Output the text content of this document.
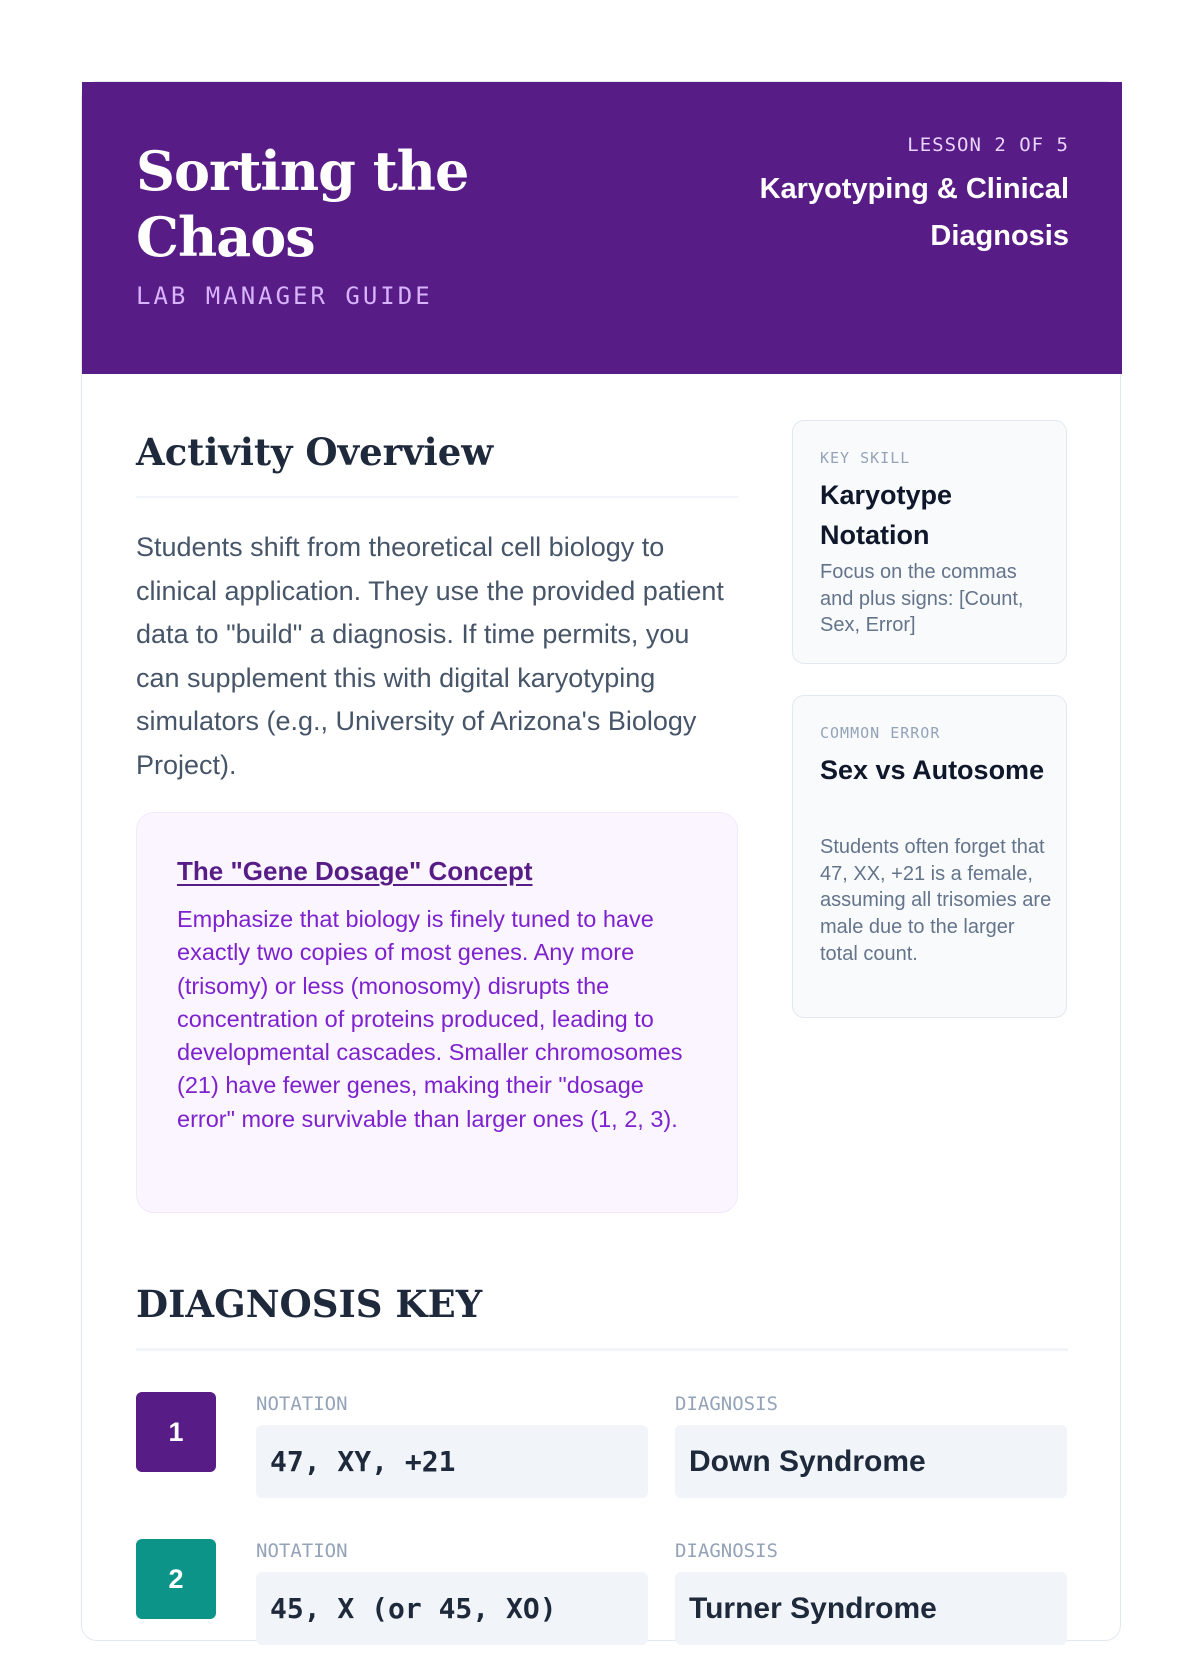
Sorting the Chaos
LAB MANAGER GUIDE
LESSON 2 OF 5
Karyotyping & Clinical Diagnosis
Activity Overview
Students shift from theoretical cell biology to clinical application. They use the provided patient data to "build" a diagnosis. If time permits, you can supplement this with digital karyotyping simulators (e.g., University of Arizona's Biology Project).
The "Gene Dosage" Concept
Emphasize that biology is finely tuned to have exactly two copies of most genes. Any more (trisomy) or less (monosomy) disrupts the concentration of proteins produced, leading to developmental cascades. Smaller chromosomes (21) have fewer genes, making their "dosage error" more survivable than larger ones (1, 2, 3).
KEY SKILL
Karyotype Notation
Focus on the commas and plus signs: [Count, Sex, Error]
COMMON ERROR
Sex vs Autosome
Students often forget that 47, XX, +21 is a female, assuming all trisomies are male due to the larger total count.
DIAGNOSIS KEY
1
NOTATION
47, XY, +21
DIAGNOSIS
Down Syndrome
2
NOTATION
45, X (or 45, XO)
DIAGNOSIS
Turner Syndrome
